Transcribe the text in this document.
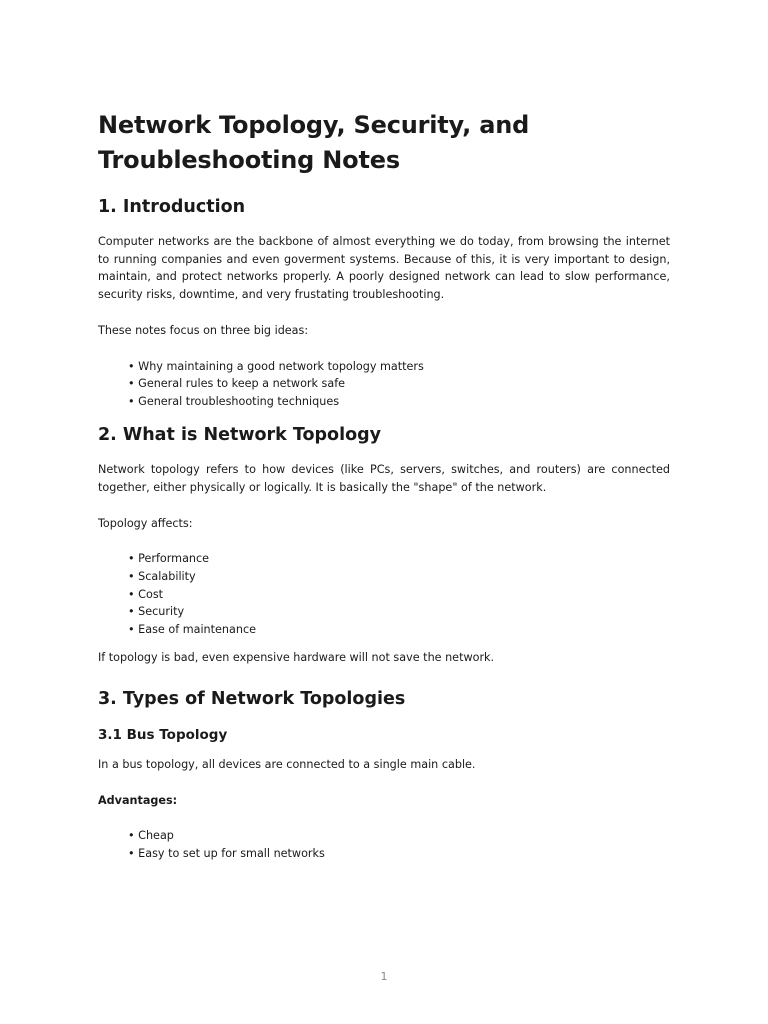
Network Topology, Security, and Troubleshooting Notes
1. Introduction

Computer networks are the backbone of almost everything we do today, from browsing the internet to running companies and even goverment systems. Because of this, it is very important to design, maintain, and protect networks properly. A poorly designed network can lead to slow performance, security risks, downtime, and very frustating troubleshooting.

These notes focus on three big ideas:

• Why maintaining a good network topology matters
• General rules to keep a network safe
• General troubleshooting techniques
2. What is Network Topology

Network topology refers to how devices (like PCs, servers, switches, and routers) are connected together, either physically or logically. It is basically the "shape" of the network.

Topology affects:

• Performance
• Scalability
• Cost
• Security
• Ease of maintenance

If topology is bad, even expensive hardware will not save the network.

3. Types of Network Topologies
3.1 Bus Topology

In a bus topology, all devices are connected to a single main cable.

Advantages:

• Cheap
• Easy to set up for small networks
1
